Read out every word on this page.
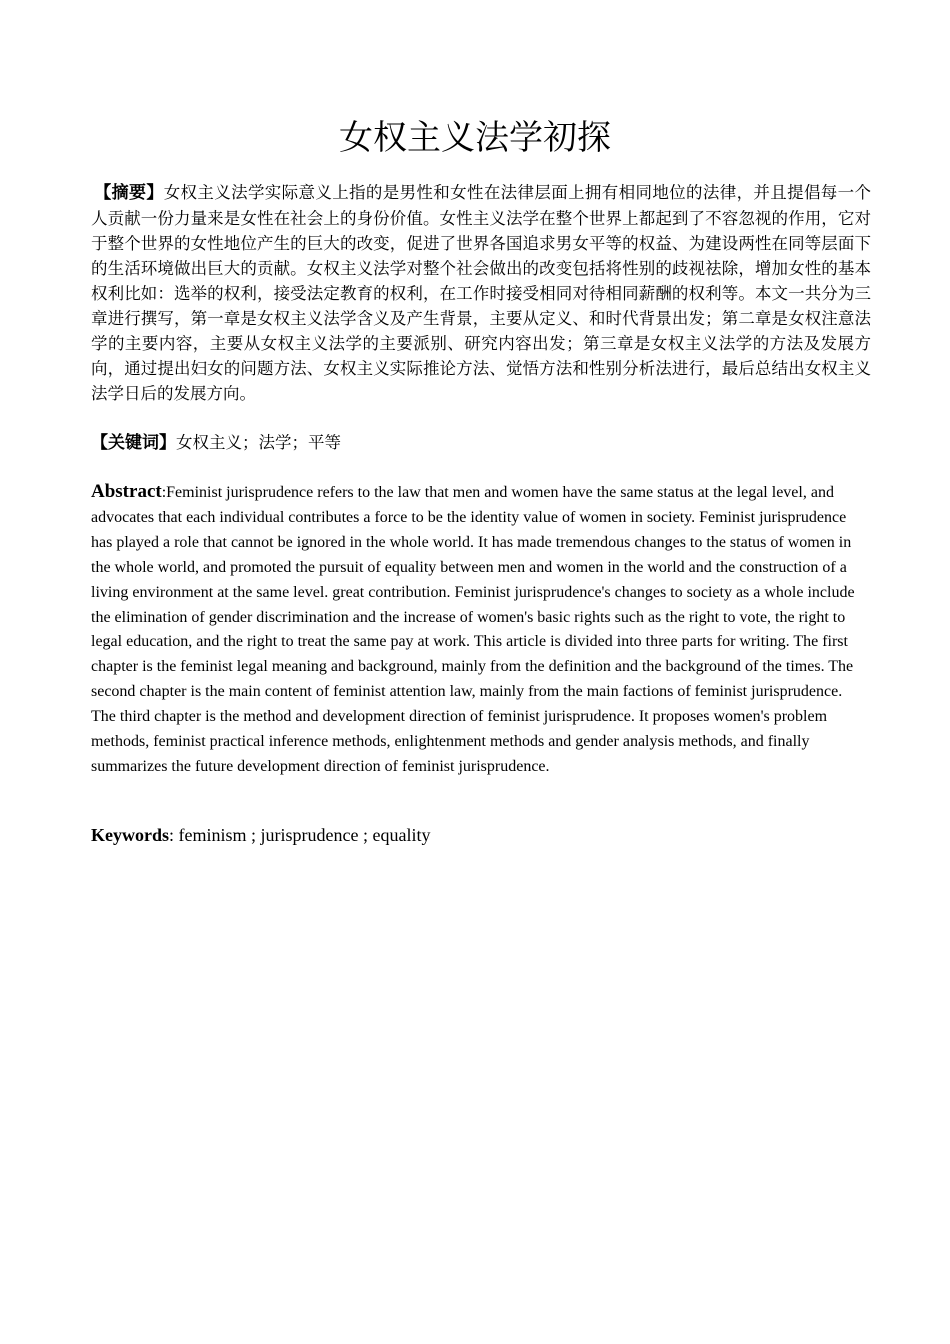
女权主义法学初探

【摘要】女权主义法学实际意义上指的是男性和女性在法律层面上拥有相同地位的法律，并且提倡每一个人贡献一份力量来是女性在社会上的身份价值。女性主义法学在整个世界上都起到了不容忽视的作用，它对于整个世界的女性地位产生的巨大的改变，促进了世界各国追求男女平等的权益、为建设两性在同等层面下的生活环境做出巨大的贡献。女权主义法学对整个社会做出的改变包括将性别的歧视祛除，增加女性的基本权利比如：选举的权利，接受法定教育的权利，在工作时接受相同对待相同薪酬的权利等。本文一共分为三章进行撰写，第一章是女权主义法学含义及产生背景，主要从定义、和时代背景出发；第二章是女权注意法学的主要内容，主要从女权主义法学的主要派别、研究内容出发；第三章是女权主义法学的方法及发展方向，通过提出妇女的问题方法、女权主义实际推论方法、觉悟方法和性别分析法进行，最后总结出女权主义法学日后的发展方向。

【关键词】女权主义；法学；平等

Abstract:Feminist jurisprudence refers to the law that men and women have the same status at the legal level, and advocates that each individual contributes a force to be the identity value of women in society. Feminist jurisprudence has played a role that cannot be ignored in the whole world. It has made tremendous changes to the status of women in the whole world, and promoted the pursuit of equality between men and women in the world and the construction of a living environment at the same level. great contribution. Feminist jurisprudence's changes to society as a whole include the elimination of gender discrimination and the increase of women's basic rights such as the right to vote, the right to legal education, and the right to treat the same pay at work. This article is divided into three parts for writing. The first chapter is the feminist legal meaning and background, mainly from the definition and the background of the times. The second chapter is the main content of feminist attention law, mainly from the main factions of feminist jurisprudence. The third chapter is the method and development direction of feminist jurisprudence. It proposes women's problem methods, feminist practical inference methods, enlightenment methods and gender analysis methods, and finally summarizes the future development direction of feminist jurisprudence.

Keywords: feminism ; jurisprudence ; equality
